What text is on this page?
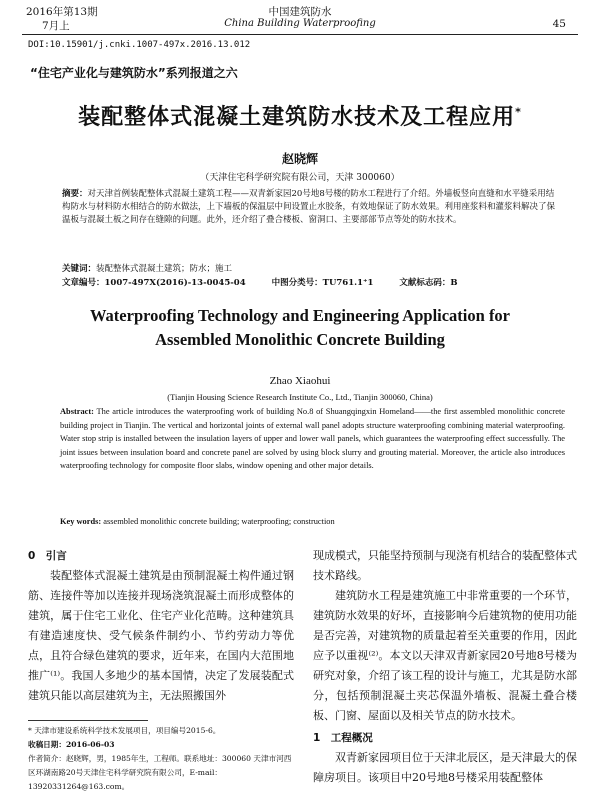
2016年第13期	中国建筑防水
7月上	China Building Waterproofing	45
DOI:10.15901/j.cnki.1007-497x.2016.13.012
“住宅产业化与建筑防水”系列报道之六
装配整体式混凝土建筑防水技术及工程应用*
赵晓辉
（天津住宅科学研究院有限公司，天津 300060）
摘要：对天津首例装配整体式混凝土建筑工程——双青新家园20号地8号楼的防水工程进行了介绍。外墙板竖向直缝和水平缝采用结构防水与材料防水相结合的防水做法，上下墙板的保温层中间设置止水胶条，有效地保证了防水效果。利用座浆料和灌浆料解决了保温板与混凝土板之间存在缝隙的问题。此外，还介绍了叠合楼板、窗洞口、主要部部节点等处的防水技术。
关键词：装配整体式混凝土建筑；防水；施工
文章编号：1007-497X(2016)-13-0045-04	中图分类号：TU761.1⁺1	文献标志码：B
Waterproofing Technology and Engineering Application for
Assembled Monolithic Concrete Building
Zhao Xiaohui
(Tianjin Housing Science Research Institute Co., Ltd., Tianjin 300060, China)
Abstract: The article introduces the waterproofing work of building No.8 of Shuangqingxin Homeland——the first assembled monolithic concrete building project in Tianjin. The vertical and horizontal joints of external wall panel adopts structure waterproofing combining material waterproofing. Water stop strip is installed between the insulation layers of upper and lower wall panels, which guarantees the waterproofing effect successfully. The joint issues between insulation board and concrete panel are solved by using block slurry and grouting material. Moreover, the article also introduces waterproofing technology for composite floor slabs, window opening and other major details.
Key words: assembled monolithic concrete building; waterproofing; construction
0　引言

装配整体式混凝土建筑是由预制混凝土构件通过钢筋、连接件等加以连接并现场浇筑混凝土而形成整体的建筑，属于住宅工业化、住宅产业化范畴。这种建筑具有建造速度快、受气候条件制约小、节约劳动力等优点，且符合绿色建筑的要求，近年来，在国内大范围地推广⁽¹⁾。我国人多地少的基本国情，决定了发展装配式建筑只能以高层建筑为主，无法照搬国外

现成模式，只能坚持预制与现浇有机结合的装配整体式技术路线。

建筑防水工程是建筑施工中非常重要的一个环节，建筑防水效果的好坏，直接影响今后建筑物的使用功能是否完善，对建筑物的质量起着至关重要的作用，因此应予以重视⁽²⁾。本文以天津双青新家园20号地8号楼为研究对象，介绍了该工程的设计与施工，尤其是防水部分，包括预制混凝土夹芯保温外墙板、混凝土叠合楼板、门窗、屋面以及相关节点的防水技术。

1　工程概况

双青新家园项目位于天津北辰区，是天津最大的保障房项目。该项目中20号地8号楼采用装配整体

* 天津市建设系统科学技术发展项目，项目编号2015-6。
收稿日期：2016-06-03
作者简介：赵晓辉，男，1985年生，工程师。联系地址：300060 天津市河西区环湖南路20号天津住宅科学研究院有限公司，E-mail：13920331264@163.com。
